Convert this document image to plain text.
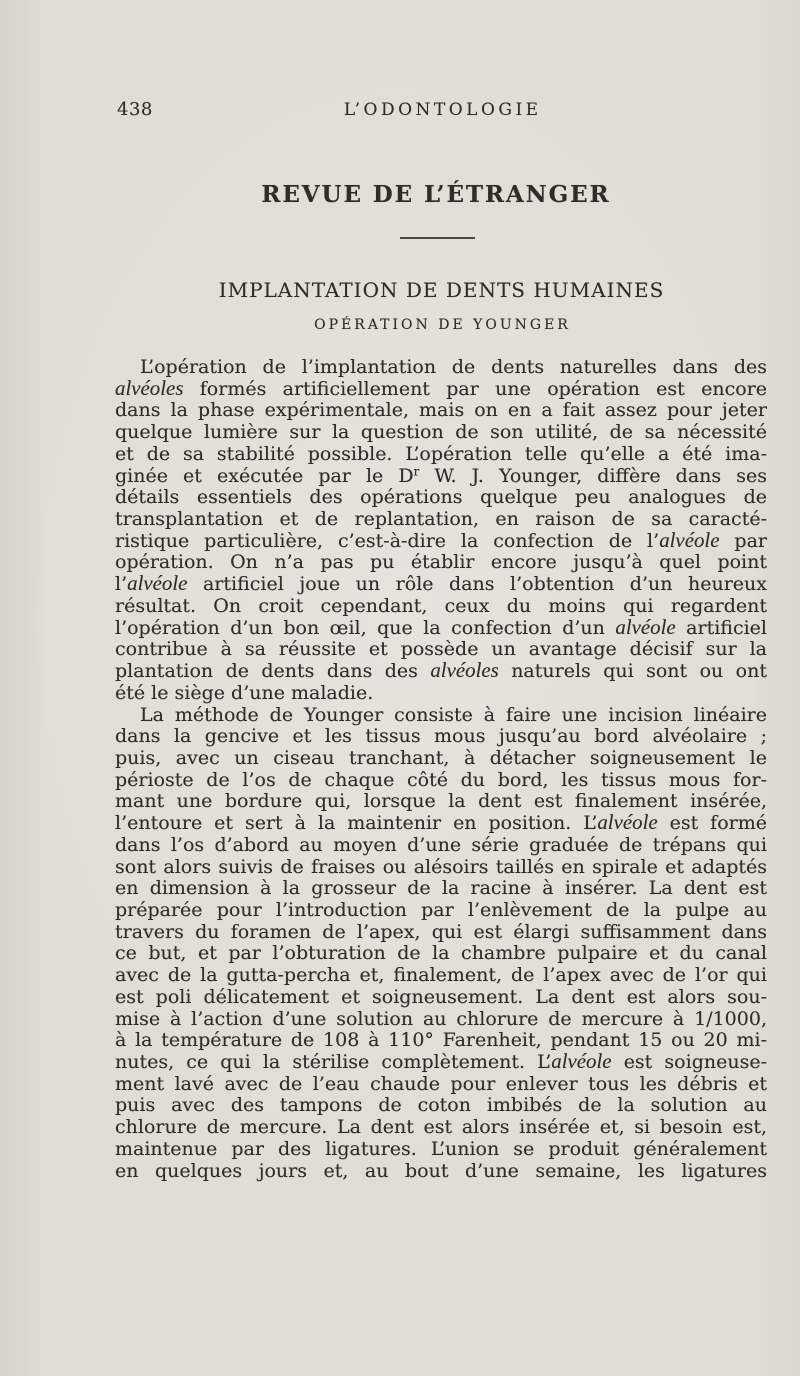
438	L’ODONTOLOGIE
REVUE DE L’ÉTRANGER
IMPLANTATION DE DENTS HUMAINES
OPÉRATION DE YOUNGER
L’opération de l’implantation de dents naturelles dans des
alvéoles formés artificiellement par une opération est encore
dans la phase expérimentale, mais on en a fait assez pour jeter
quelque lumière sur la question de son utilité, de sa nécessité
et de sa stabilité possible. L’opération telle qu’elle a été ima-
ginée et exécutée par le $D^r$ W. J. Younger, diffère dans ses
détails essentiels des opérations quelque peu analogues de
transplantation et de replantation, en raison de sa caracté-
ristique particulière, c’est-à-dire la confection de l’alvéole par
opération. On n’a pas pu établir encore jusqu’à quel point
l’alvéole artificiel joue un rôle dans l’obtention d’un heureux
résultat. On croit cependant, ceux du moins qui regardent
l’opération d’un bon œil, que la confection d’un alvéole artificiel
contribue à sa réussite et possède un avantage décisif sur la
plantation de dents dans des alvéoles naturels qui sont ou ont
été le siège d’une maladie.
La méthode de Younger consiste à faire une incision linéaire
dans la gencive et les tissus mous jusqu’au bord alvéolaire ;
puis, avec un ciseau tranchant, à détacher soigneusement le
périoste de l’os de chaque côté du bord, les tissus mous for-
mant une bordure qui, lorsque la dent est finalement insérée,
l’entoure et sert à la maintenir en position. L’alvéole est formé
dans l’os d’abord au moyen d’une série graduée de trépans qui
sont alors suivis de fraises ou alésoirs taillés en spirale et adaptés
en dimension à la grosseur de la racine à insérer. La dent est
préparée pour l’introduction par l’enlèvement de la pulpe au
travers du foramen de l’apex, qui est élargi suffisamment dans
ce but, et par l’obturation de la chambre pulpaire et du canal
avec de la gutta-percha et, finalement, de l’apex avec de l’or qui
est poli délicatement et soigneusement. La dent est alors sou-
mise à l’action d’une solution au chlorure de mercure à 1/1000,
à la température de 108 à 110° Farenheit, pendant 15 ou 20 mi-
nutes, ce qui la stérilise complètement. L’alvéole est soigneuse-
ment lavé avec de l’eau chaude pour enlever tous les débris et
puis avec des tampons de coton imbibés de la solution au
chlorure de mercure. La dent est alors insérée et, si besoin est,
maintenue par des ligatures. L’union se produit généralement
en quelques jours et, au bout d’une semaine, les ligatures
